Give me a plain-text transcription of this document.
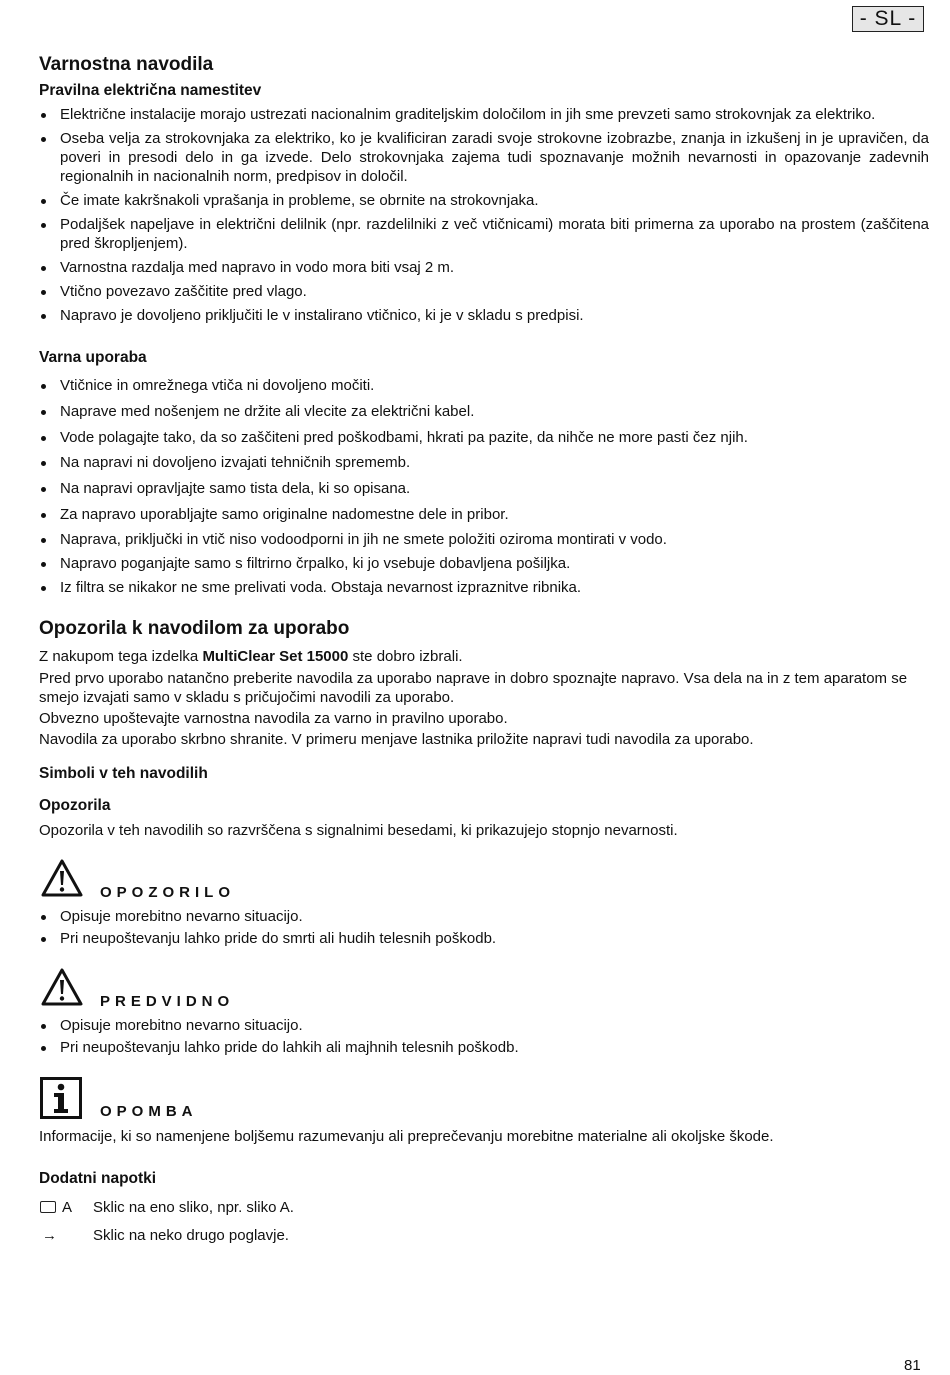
- SL -
Varnostna navodila
Pravilna električna namestitev
Električne instalacije morajo ustrezati nacionalnim graditeljskim določilom in jih sme prevzeti samo strokovnjak za elektriko.
Oseba velja za strokovnjaka za elektriko, ko je kvalificiran zaradi svoje strokovne izobrazbe, znanja in izkušenj in je upravičen, da poveri in presodi delo in ga izvede. Delo strokovnjaka zajema tudi spoznavanje možnih nevarnosti in opazovanje zadevnih regionalnih in nacionalnih norm, predpisov in določil.
Če imate kakršnakoli vprašanja in probleme, se obrnite na strokovnjaka.
Podaljšek napeljave in električni delilnik (npr. razdelilniki z več vtičnicami) morata biti primerna za uporabo na prostem (zaščitena pred škropljenjem).
Varnostna razdalja med napravo in vodo mora biti vsaj 2 m.
Vtično povezavo zaščitite pred vlago.
Napravo je dovoljeno priključiti le v instalirano vtičnico, ki je v skladu s predpisi.
Varna uporaba
Vtičnice in omrežnega vtiča ni dovoljeno močiti.
Naprave med nošenjem ne držite ali vlecite za električni kabel.
Vode polagajte tako, da so zaščiteni pred poškodbami, hkrati pa pazite, da nihče ne more pasti čez njih.
Na napravi ni dovoljeno izvajati tehničnih sprememb.
Na napravi opravljajte samo tista dela, ki so opisana.
Za napravo uporabljajte samo originalne nadomestne dele in pribor.
Naprava, priključki in vtič niso vodoodporni in jih ne smete položiti oziroma montirati v vodo.
Napravo poganjajte samo s filtrirno črpalko, ki jo vsebuje dobavljena pošiljka.
Iz filtra se nikakor ne sme prelivati voda. Obstaja nevarnost izpraznitve ribnika.
Opozorila k navodilom za uporabo

Z nakupom tega izdelka MultiClear Set 15000 ste dobro izbrali.

Pred prvo uporabo natančno preberite navodila za uporabo naprave in dobro spoznajte napravo. Vsa dela na in z tem aparatom se smejo izvajati samo v skladu s pričujočimi navodili za uporabo.

Obvezno upoštevajte varnostna navodila za varno in pravilno uporabo.

Navodila za uporabo skrbno shranite. V primeru menjave lastnika priložite napravi tudi navodila za uporabo.

Simboli v teh navodilih
Opozorila

Opozorila v teh navodilih so razvrščena s signalnimi besedami, ki prikazujejo stopnjo nevarnosti.

OPOZORILO
Opisuje morebitno nevarno situacijo.
Pri neupoštevanju lahko pride do smrti ali hudih telesnih poškodb.
PREDVIDNO
Opisuje morebitno nevarno situacijo.
Pri neupoštevanju lahko pride do lahkih ali majhnih telesnih poškodb.
OPOMBA

Informacije, ki so namenjene boljšemu razumevanju ali preprečevanju morebitne materialne ali okoljske škode.

Dodatni napotki
A Sklic na eno sliko, npr. sliko A.
→ Sklic na neko drugo poglavje.
81
